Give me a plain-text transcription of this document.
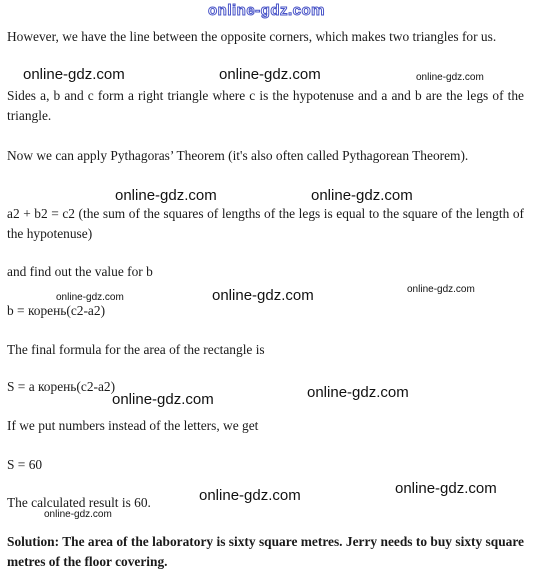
online-gdz.com

However, we have the line between the opposite corners, which makes two triangles for us.

Sides a, b and c form a right triangle where c is the hypotenuse and a and b are the legs of the triangle.

Now we can apply Pythagoras’ Theorem (it's also often called Pythagorean Theorem).

a2 + b2 = c2 (the sum of the squares of lengths of the legs is equal to the square of the length of the hypotenuse)

and find out the value for b

b = корень(c2-a2)

The final formula for the area of the rectangle is

S = a корень(c2-a2)

If we put numbers instead of the letters, we get

S = 60

The calculated result is 60.

Solution: The area of the laboratory is sixty square metres. Jerry needs to buy sixty square metres of the floor covering.

online-gdz.com	online-gdz.com	online-gdz.com
online-gdz.com	online-gdz.com
online-gdz.com	online-gdz.com	online-gdz.com
online-gdz.com	online-gdz.com
online-gdz.com	online-gdz.com
online-gdz.com
